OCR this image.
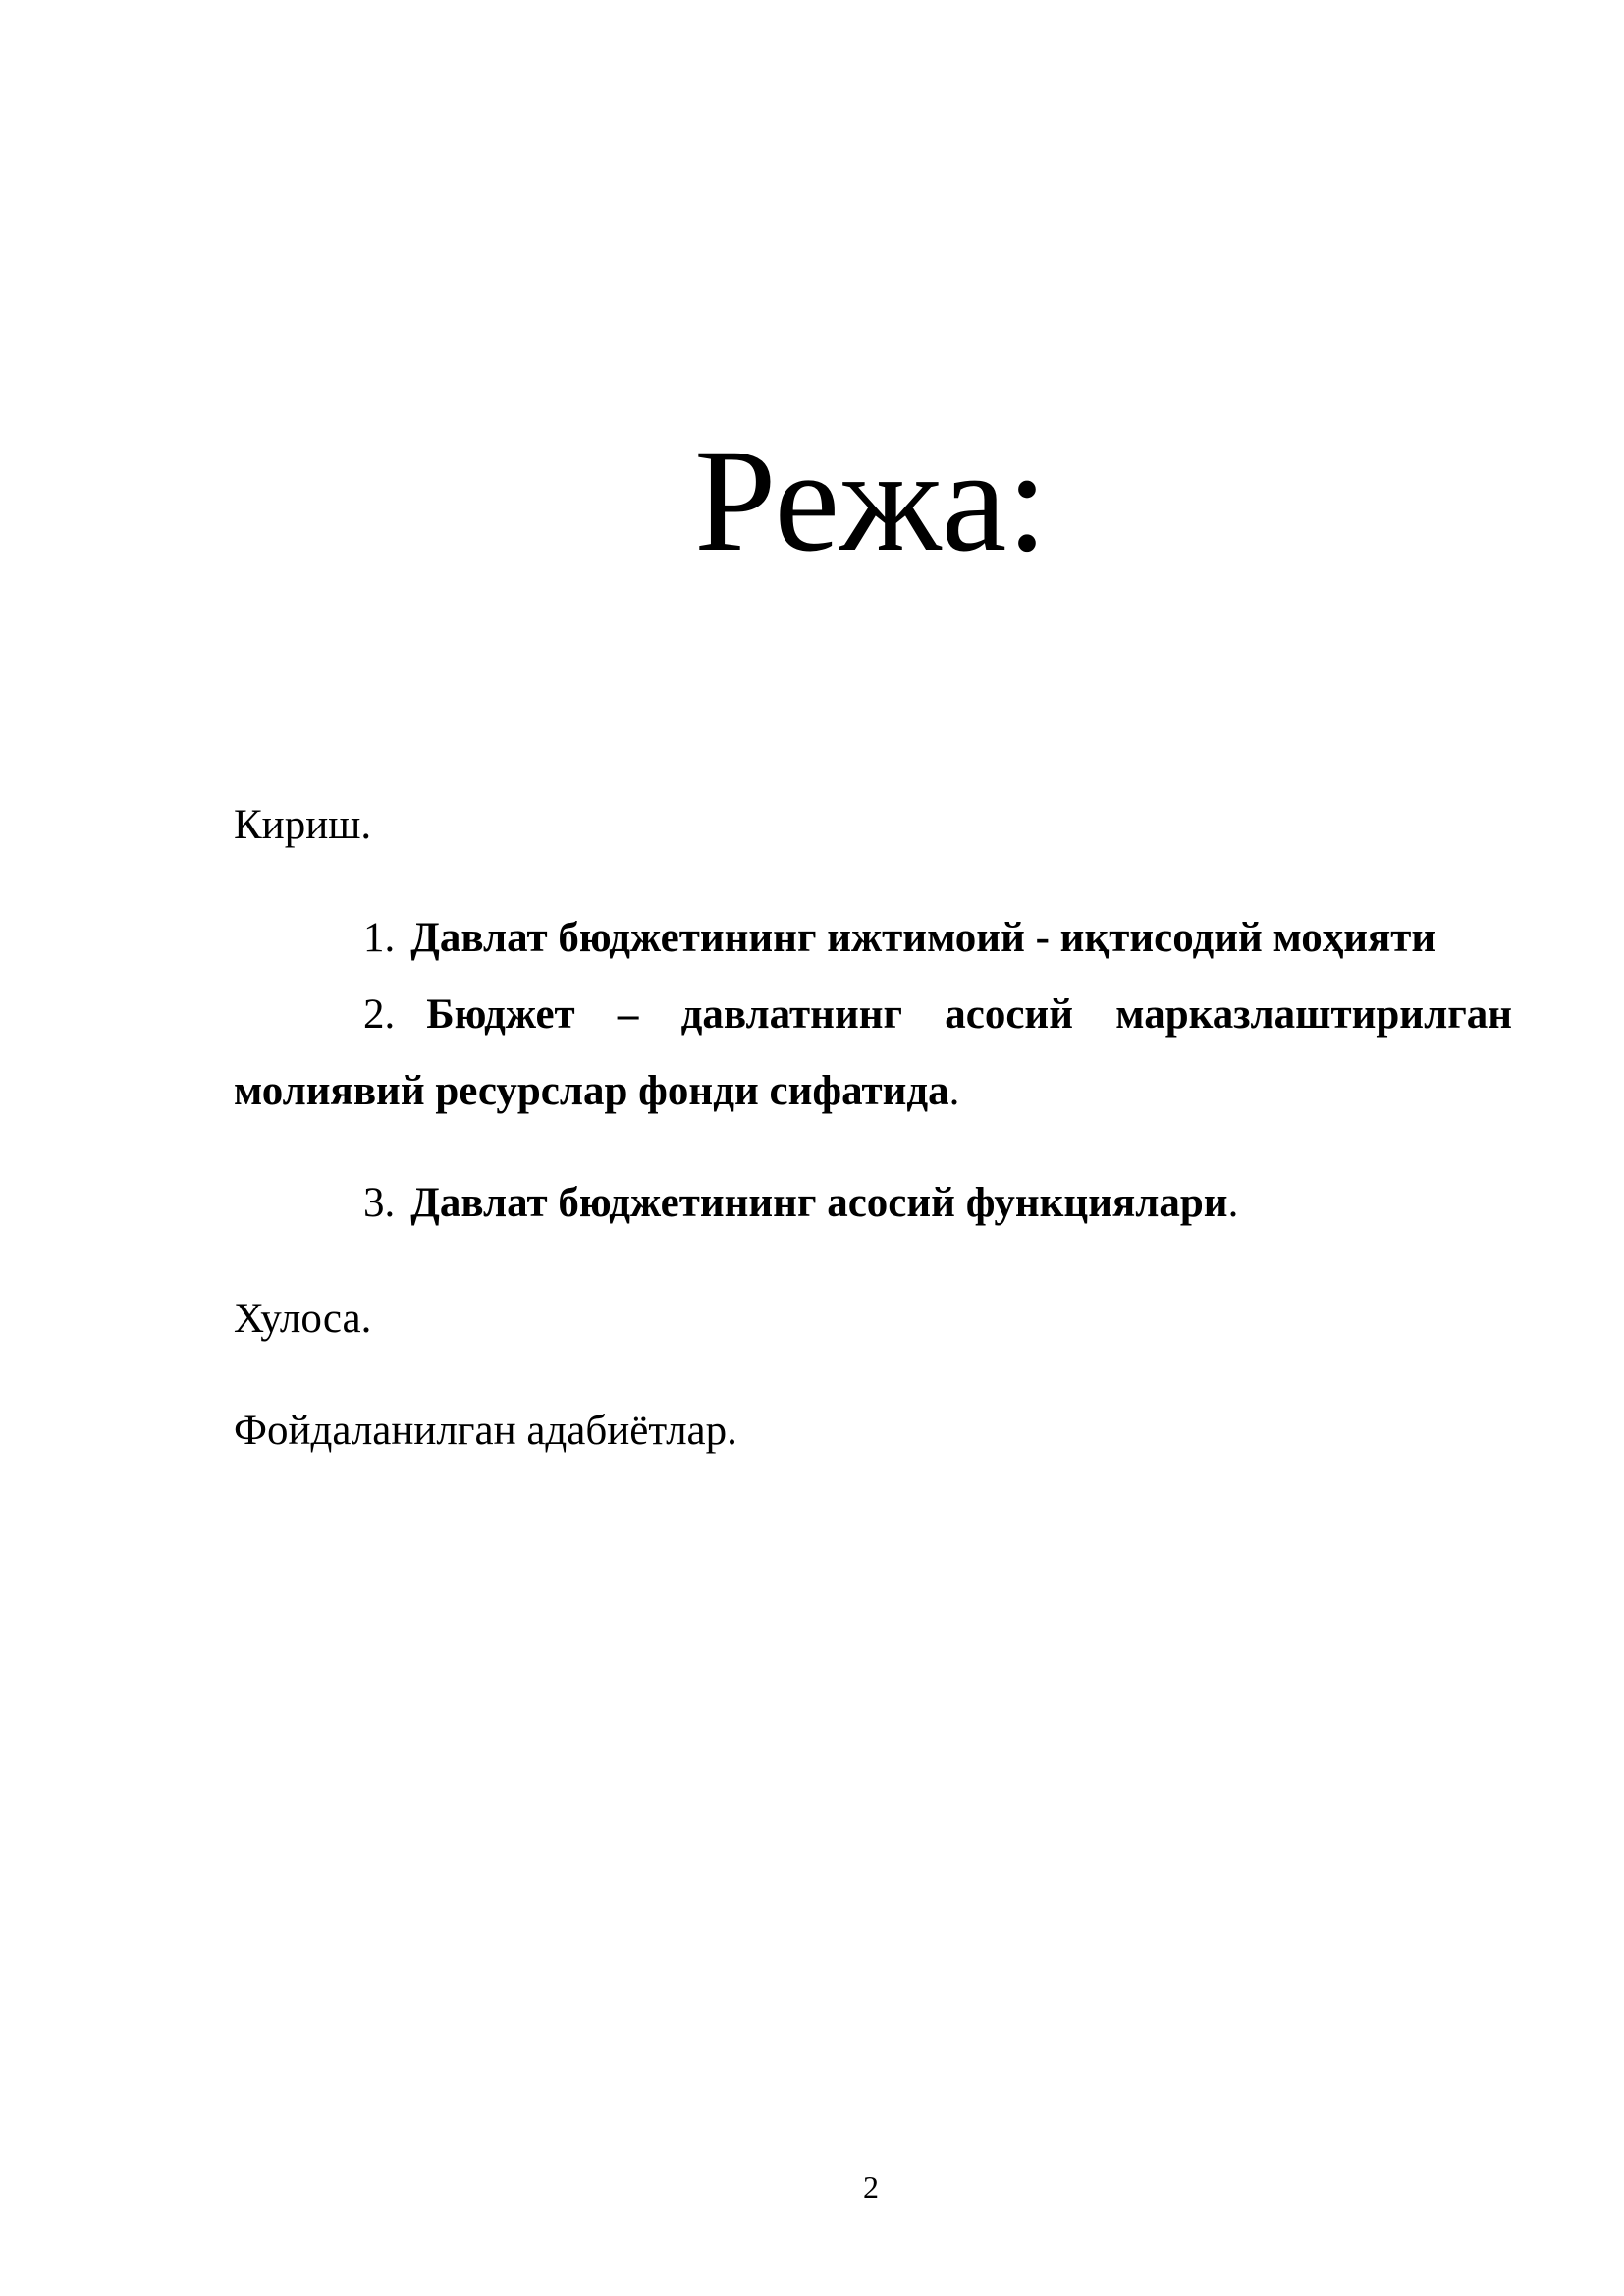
Режа:
Кириш.
1. Давлат бюджетининг ижтимоий - иқтисодий моҳияти
2. Бюджет – давлатнинг асосий марказлаштирилган
молиявий ресурслар фонди сифатида.
3. Давлат бюджетининг асосий функциялари.
Хулоса.
Фойдаланилган адабиётлар.
2
